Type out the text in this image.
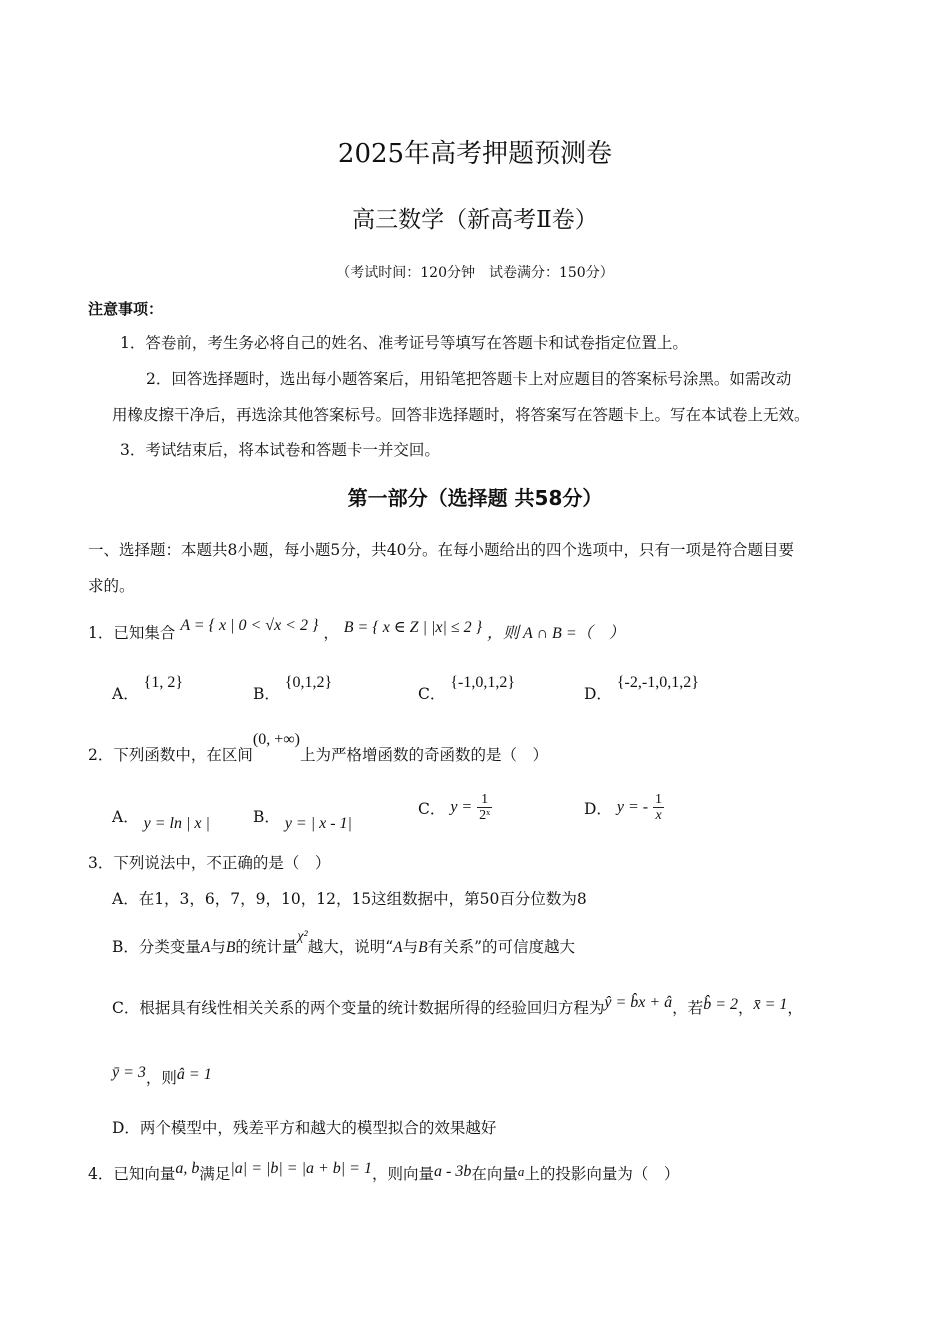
2025年高考押题预测卷
高三数学（新高考Ⅱ卷）
（考试时间：120分钟　试卷满分：150分）
注意事项：
1．答卷前，考生务必将自己的姓名、准考证号等填写在答题卡和试卷指定位置上。
2．回答选择题时，选出每小题答案后，用铅笔把答题卡上对应题目的答案标号涂黑。如需改动
用橡皮擦干净后，再选涂其他答案标号。回答非选择题时，将答案写在答题卡上。写在本试卷上无效。
3．考试结束后，将本试卷和答题卡一并交回。
第一部分（选择题 共58分）
一、选择题：本题共8小题，每小题5分，共40分。在每小题给出的四个选项中，只有一项是符合题目要
求的。
1．已知集合 A = { x | 0 < √x < 2 } ， B = { x ∈ Z | |x| ≤ 2 } ，则 A ∩ B =（　）
A． {1, 2}
B． {0,1,2}
C． {-1,0,1,2}
D． {-2,-1,0,1,2}
2．下列函数中，在区间(0, +∞)上为严格增函数的奇函数的是（　）
A． y = ln | x |	B． y = | x - 1|
C． $y = \frac{1}{\text{2ˣ}}$	D． y = - $\frac{1}{x}$
3．下列说法中，不正确的是（　）
A．在1，3，6，7，9，10，12，15这组数据中，第50百分位数为8
B．分类变量A与B的统计量χ²越大，说明“A与B有关系”的可信度越大
C．根据具有线性相关关系的两个变量的统计数据所得的经验回归方程为ŷ = b̂x + â，若b̂ = 2，x̄ = 1，
ȳ = 3，则â = 1
D．两个模型中，残差平方和越大的模型拟合的效果越好
4．已知向量a, b满足|a| = |b| = |a + b| = 1，则向量a - 3b在向量a上的投影向量为（　）
